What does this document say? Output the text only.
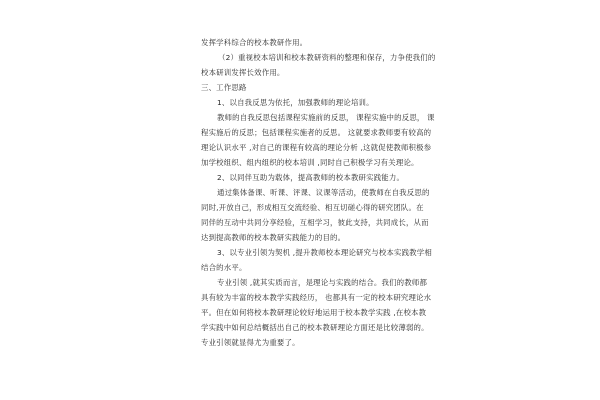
发挥学科综合的校本教研作用。
（2）重视校本培训和校本教研资料的整理和保存，力争使我们的
校本研训发挥长效作用。
三、工作思路
1、以自我反思为依托，加强教师的理论培训。
教师的自我反思包括课程实施前的反思， 课程实施中的反思， 课
程实施后的反思；包括课程实施者的反思。 这就要求教师要有较高的
理论认识水平 ,对自己的课程有较高的理论分析 ,这就促使教师积极参
加学校组织、组内组织的校本培训 ,同时自己积极学习有关理论。
2、以同伴互助为载体，提高教师的校本教研实践能力。
通过集体备课、听课、评课、议课等活动，使教师在自我反思的
同时,开放自己，形成相互交流经验、相互切磋心得的研究团队。在
同伴的互动中共同分享经验，互相学习，彼此支持，共同成长，从而
达到提高教师的校本教研实践能力的目的。
3、以专业引领为契机 ,提升教师校本理论研究与校本实践教学相
结合的水平。
专业引领 ,就其实质而言，是理论与实践的结合。我们的教师都
具有较为丰富的校本教学实践经历， 也都具有一定的校本研究理论水
平。但在如何将校本教研理论较好地运用于校本教学实践 ,在校本教
学实践中如何总结概括出自己的校本教研理论方面还是比较薄弱的。
专业引领就显得尤为重要了。
